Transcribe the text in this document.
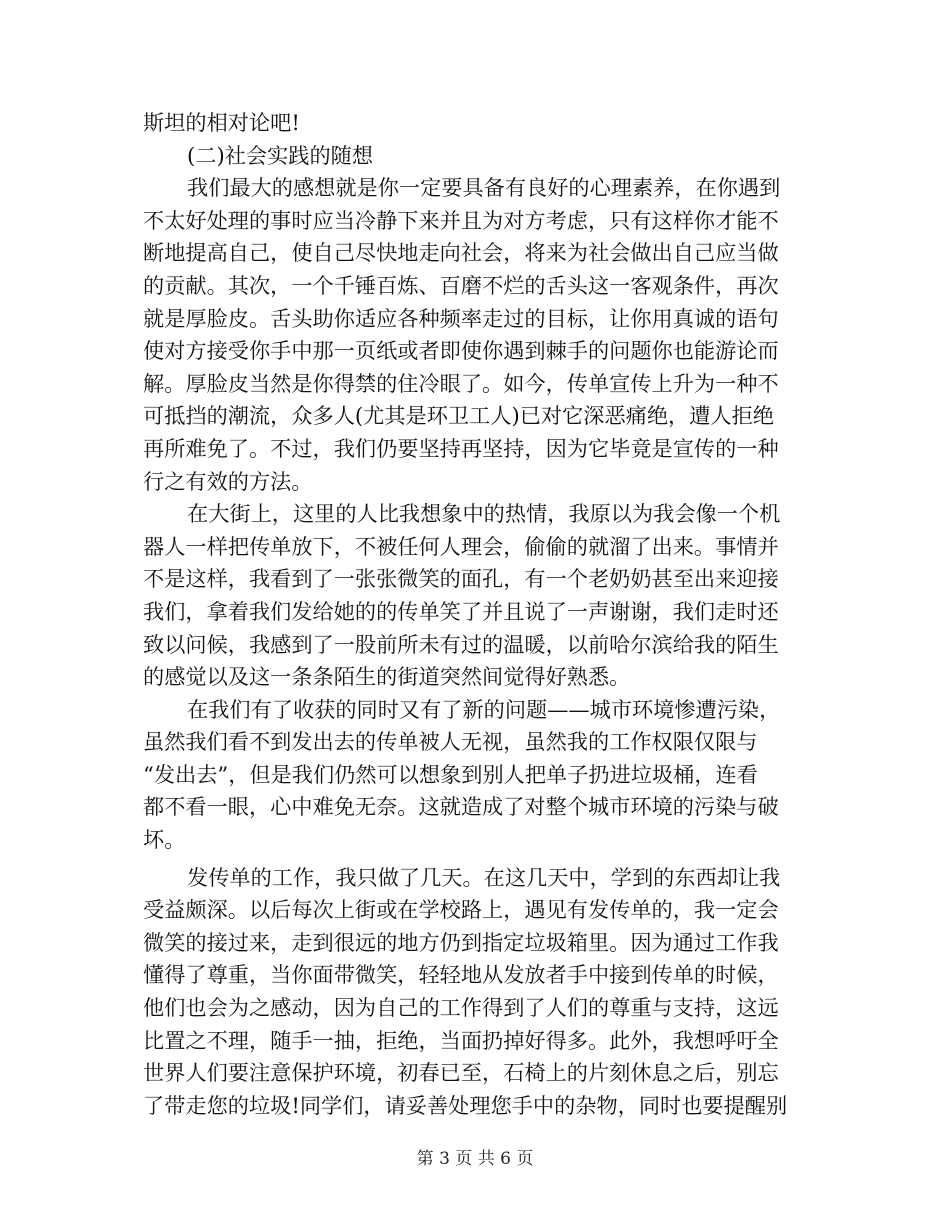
斯坦的相对论吧!
(二)社会实践的随想
我们最大的感想就是你一定要具备有良好的心理素养，在你遇到
不太好处理的事时应当冷静下来并且为对方考虑，只有这样你才能不
断地提高自己，使自己尽快地走向社会，将来为社会做出自己应当做
的贡献。其次，一个千锤百炼、百磨不烂的舌头这一客观条件，再次
就是厚脸皮。舌头助你适应各种频率走过的目标，让你用真诚的语句
使对方接受你手中那一页纸或者即使你遇到棘手的问题你也能游论而
解。厚脸皮当然是你得禁的住冷眼了。如今，传单宣传上升为一种不
可抵挡的潮流，众多人(尤其是环卫工人)已对它深恶痛绝，遭人拒绝
再所难免了。不过，我们仍要坚持再坚持，因为它毕竟是宣传的一种
行之有效的方法。
在大街上，这里的人比我想象中的热情，我原以为我会像一个机
器人一样把传单放下，不被任何人理会，偷偷的就溜了出来。事情并
不是这样，我看到了一张张微笑的面孔，有一个老奶奶甚至出来迎接
我们，拿着我们发给她的的传单笑了并且说了一声谢谢，我们走时还
致以问候，我感到了一股前所未有过的温暖，以前哈尔滨给我的陌生
的感觉以及这一条条陌生的街道突然间觉得好熟悉。
在我们有了收获的同时又有了新的问题——城市环境惨遭污染，
虽然我们看不到发出去的传单被人无视，虽然我的工作权限仅限与
“发出去”，但是我们仍然可以想象到别人把单子扔进垃圾桶，连看
都不看一眼，心中难免无奈。这就造成了对整个城市环境的污染与破
坏。
发传单的工作，我只做了几天。在这几天中，学到的东西却让我
受益颇深。以后每次上街或在学校路上，遇见有发传单的，我一定会
微笑的接过来，走到很远的地方仍到指定垃圾箱里。因为通过工作我
懂得了尊重，当你面带微笑，轻轻地从发放者手中接到传单的时候，
他们也会为之感动，因为自己的工作得到了人们的尊重与支持，这远
比置之不理，随手一抽，拒绝，当面扔掉好得多。此外，我想呼吁全
世界人们要注意保护环境，初春已至，石椅上的片刻休息之后，别忘
了带走您的垃圾!同学们，请妥善处理您手中的杂物，同时也要提醒别
第 3 页 共 6 页
